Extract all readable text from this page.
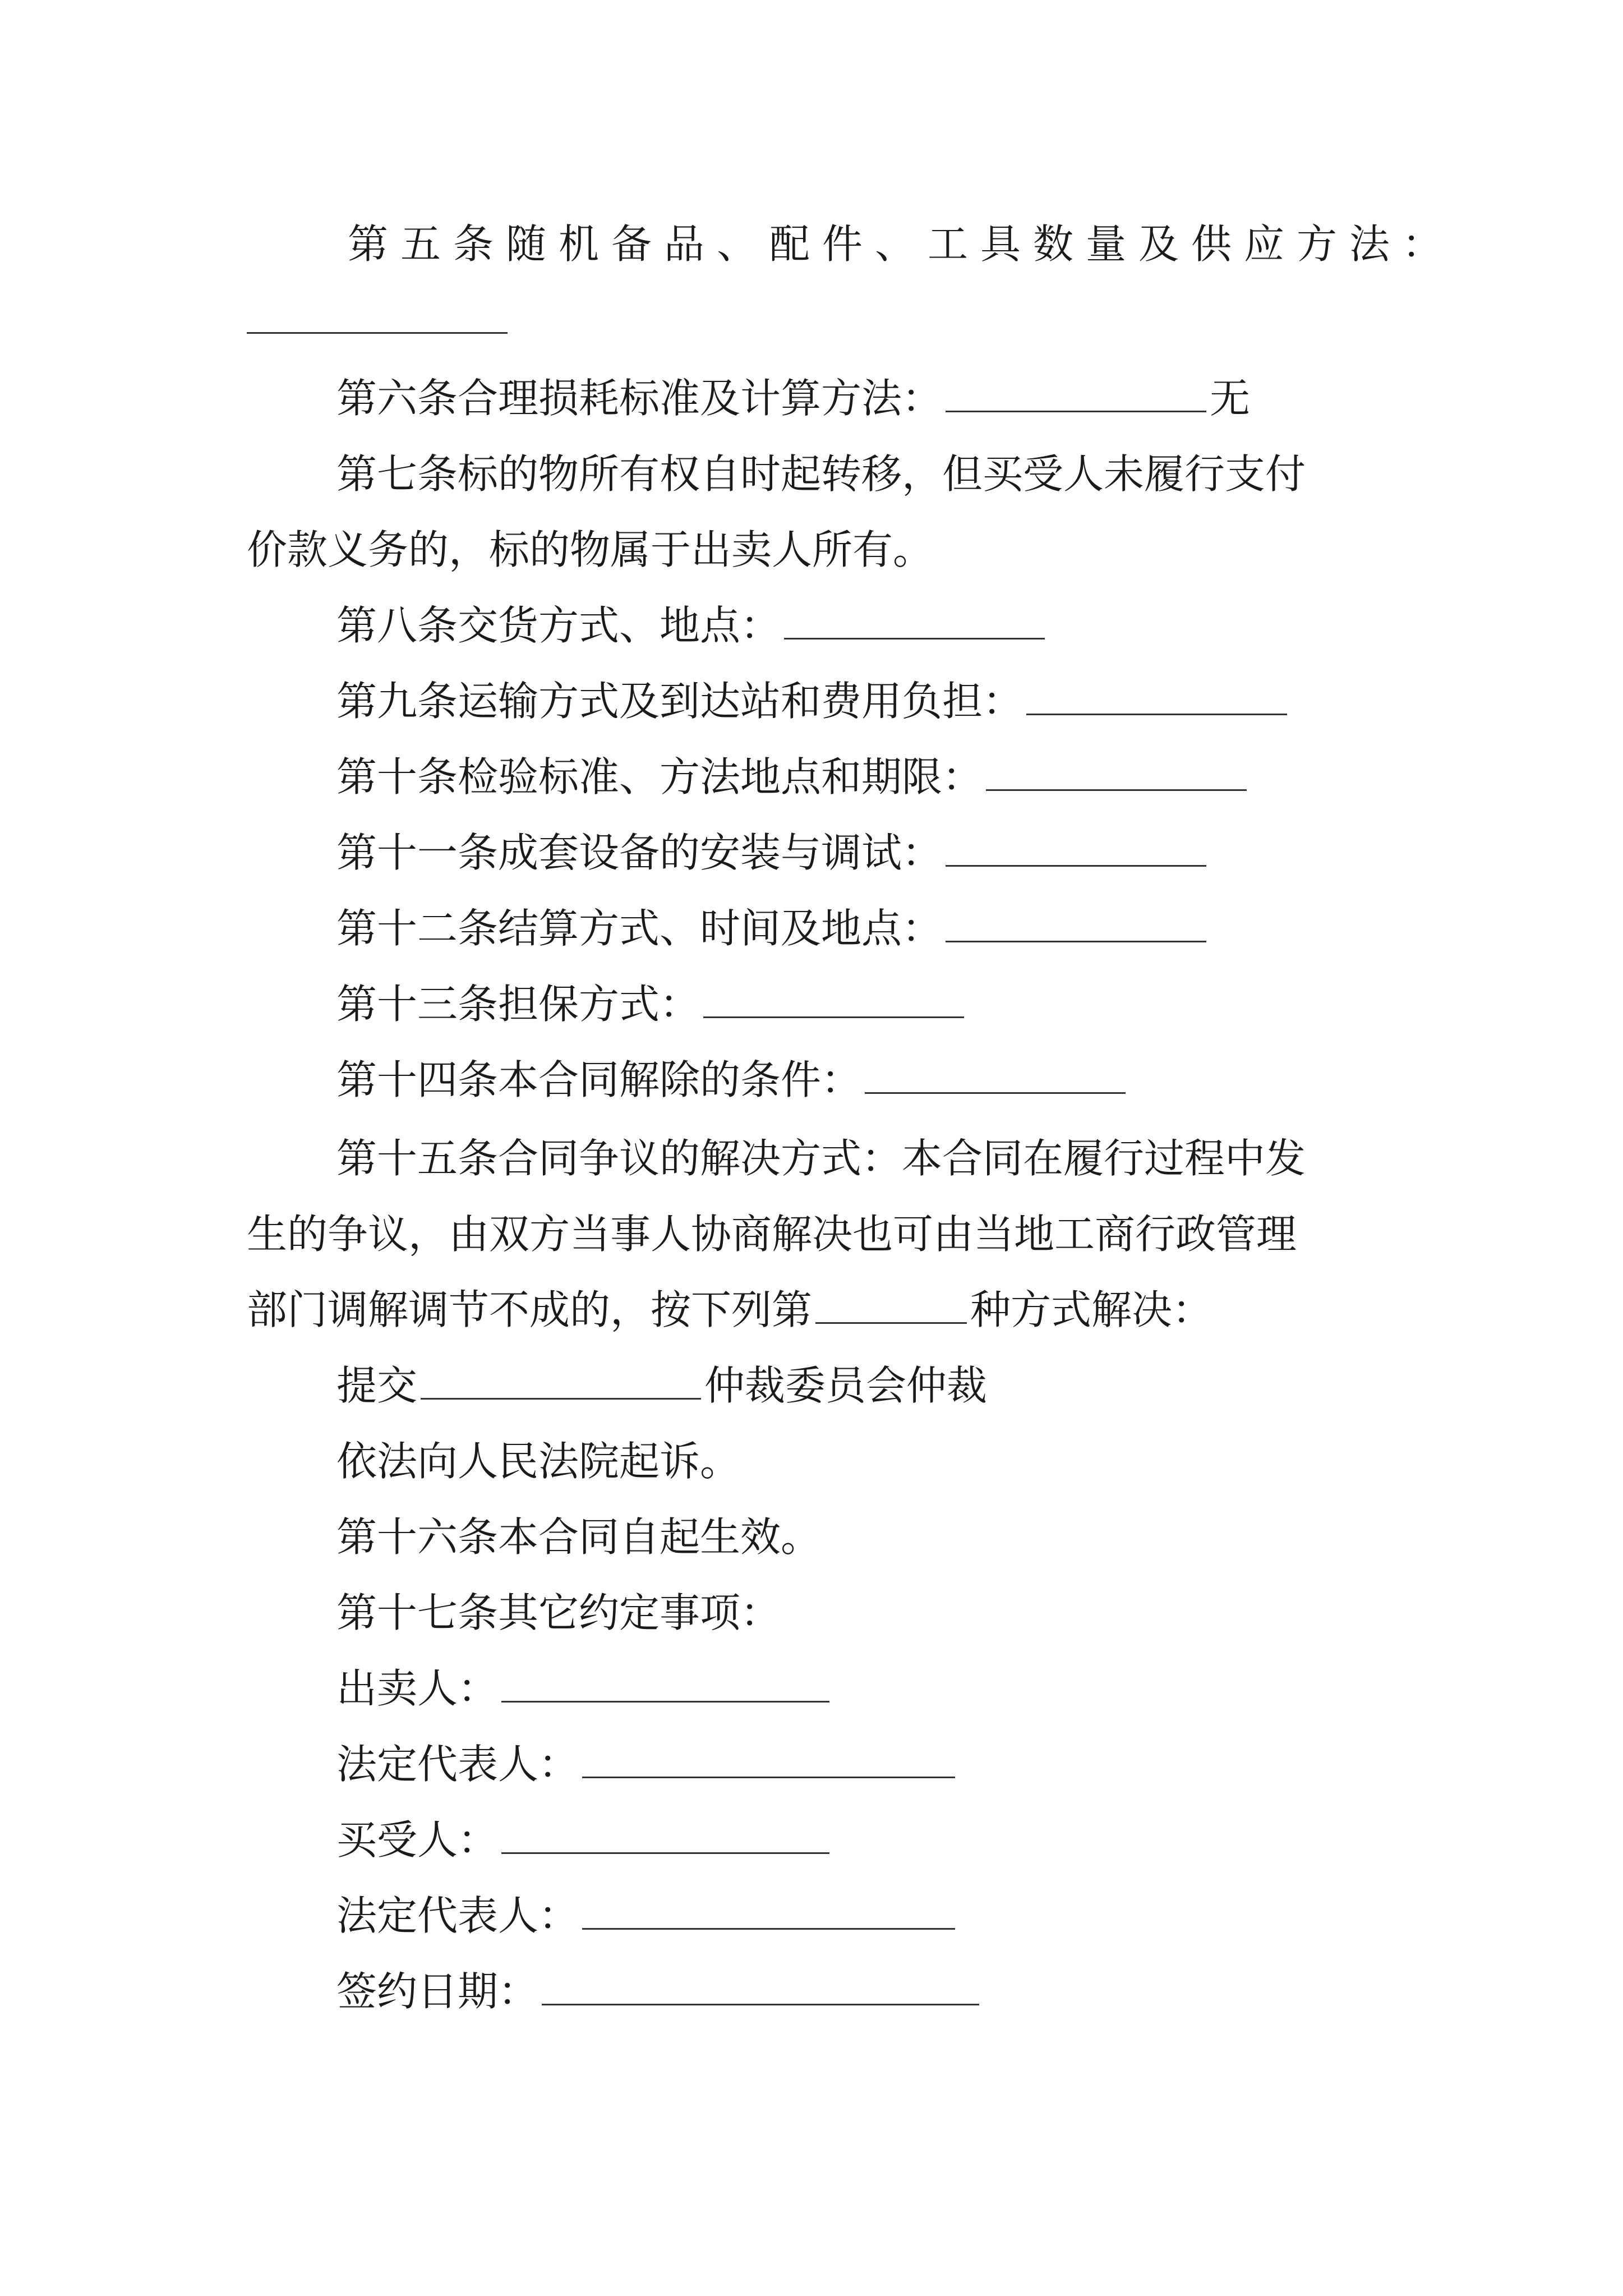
第五条随机备品、配件、工具数量及供应方法：
第六条合理损耗标准及计算方法：	无
第七条标的物所有权自时起转移，但买受人未履行支付
价款义务的，标的物属于出卖人所有。
第八条交货方式、地点：
第九条运输方式及到达站和费用负担：
第十条检验标准、方法地点和期限：
第十一条成套设备的安装与调试：
第十二条结算方式、时间及地点：
第十三条担保方式：
第十四条本合同解除的条件：
第十五条合同争议的解决方式：本合同在履行过程中发
生的争议，由双方当事人协商解决也可由当地工商行政管理
部门调解调节不成的，按下列第	种方式解决：
提交	仲裁委员会仲裁
依法向人民法院起诉。
第十六条本合同自起生效。
第十七条其它约定事项：
出卖人：
法定代表人：
买受人：
法定代表人：
签约日期：
